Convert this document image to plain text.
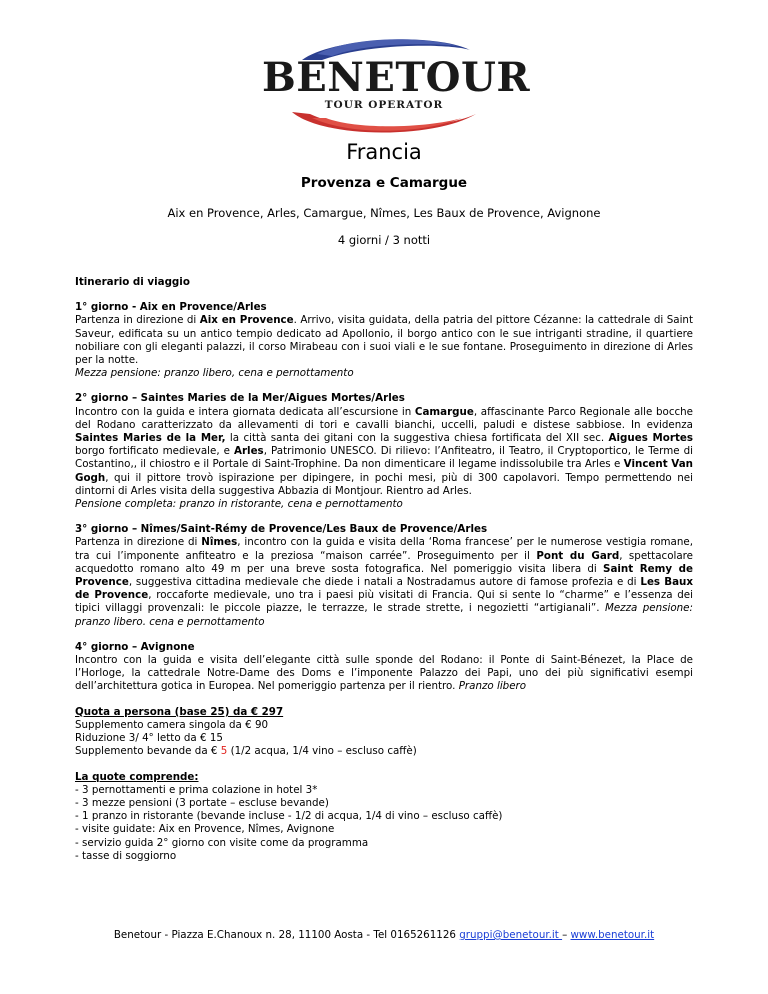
BENETOUR
TOUR OPERATOR
Francia
Provenza e Camargue
Aix en Provence, Arles, Camargue, Nîmes, Les Baux de Provence, Avignone
4 giorni / 3 notti

Itinerario di viaggio

1° giorno - Aix en Provence/Arles
Partenza in direzione di Aix en Provence. Arrivo, visita guidata, della patria del pittore Cézanne: la cattedrale di Saint Saveur, edificata su un antico tempio dedicato ad Apollonio, il borgo antico con le sue intriganti stradine, il quartiere nobiliare con gli eleganti palazzi, il corso Mirabeau con i suoi viali e le sue fontane. Proseguimento in direzione di Arles per la notte.
Mezza pensione: pranzo libero, cena e pernottamento

2° giorno – Saintes Maries de la Mer/Aigues Mortes/Arles
Incontro con la guida e intera giornata dedicata all’escursione in Camargue, affascinante Parco Regionale alle bocche del Rodano caratterizzato da allevamenti di tori e cavalli bianchi, uccelli, paludi e distese sabbiose. In evidenza Saintes Maries de la Mer, la città santa dei gitani con la suggestiva chiesa fortificata del XII sec. Aigues Mortes borgo fortificato medievale, e Arles, Patrimonio UNESCO. Di rilievo: l’Anfiteatro, il Teatro, il Cryptoportico, le Terme di Costantino,, il chiostro e il Portale di Saint-Trophine. Da non dimenticare il legame indissolubile tra Arles e Vincent Van Gogh, qui il pittore trovò ispirazione per dipingere, in pochi mesi, più di 300 capolavori. Tempo permettendo nei dintorni di Arles visita della suggestiva Abbazia di Montjour. Rientro ad Arles.
Pensione completa: pranzo in ristorante, cena e pernottamento

3° giorno – Nîmes/Saint-Rémy de Provence/Les Baux de Provence/Arles
Partenza in direzione di Nîmes, incontro con la guida e visita della ‘Roma francese’ per le numerose vestigia romane, tra cui l’imponente anfiteatro e la preziosa “maison carrée”. Proseguimento per il Pont du Gard, spettacolare acquedotto romano alto 49 m per una breve sosta fotografica. Nel pomeriggio visita libera di Saint Remy de Provence, suggestiva cittadina medievale che diede i natali a Nostradamus autore di famose profezia e di Les Baux de Provence, roccaforte medievale, uno tra i paesi più visitati di Francia. Qui si sente lo “charme” e l’essenza dei tipici villaggi provenzali: le piccole piazze, le terrazze, le strade strette, i negozietti “artigianali”. Mezza pensione: pranzo libero. cena e pernottamento

4° giorno – Avignone
Incontro con la guida e visita dell’elegante città sulle sponde del Rodano: il Ponte di Saint-Bénezet, la Place de l’Horloge, la cattedrale Notre-Dame des Doms e l’imponente Palazzo dei Papi, uno dei più significativi esempi dell’architettura gotica in Europea. Nel pomeriggio partenza per il rientro. Pranzo libero

Quota a persona (base 25) da € 297
Supplemento camera singola da € 90
Riduzione 3/ 4° letto da € 15
Supplemento bevande da € 5 (1/2 acqua, 1/4 vino – escluso caffè)
La quote comprende:
- 3 pernottamenti e prima colazione in hotel 3*
- 3 mezze pensioni (3 portate – escluse bevande)
- 1 pranzo in ristorante (bevande incluse - 1/2 di acqua, 1/4 di vino – escluso caffè)
- visite guidate: Aix en Provence, Nîmes, Avignone
- servizio guida 2° giorno con visite come da programma
- tasse di soggiorno
Benetour - Piazza E.Chanoux n. 28, 11100 Aosta - Tel 0165261126 gruppi@benetour.it – www.benetour.it
